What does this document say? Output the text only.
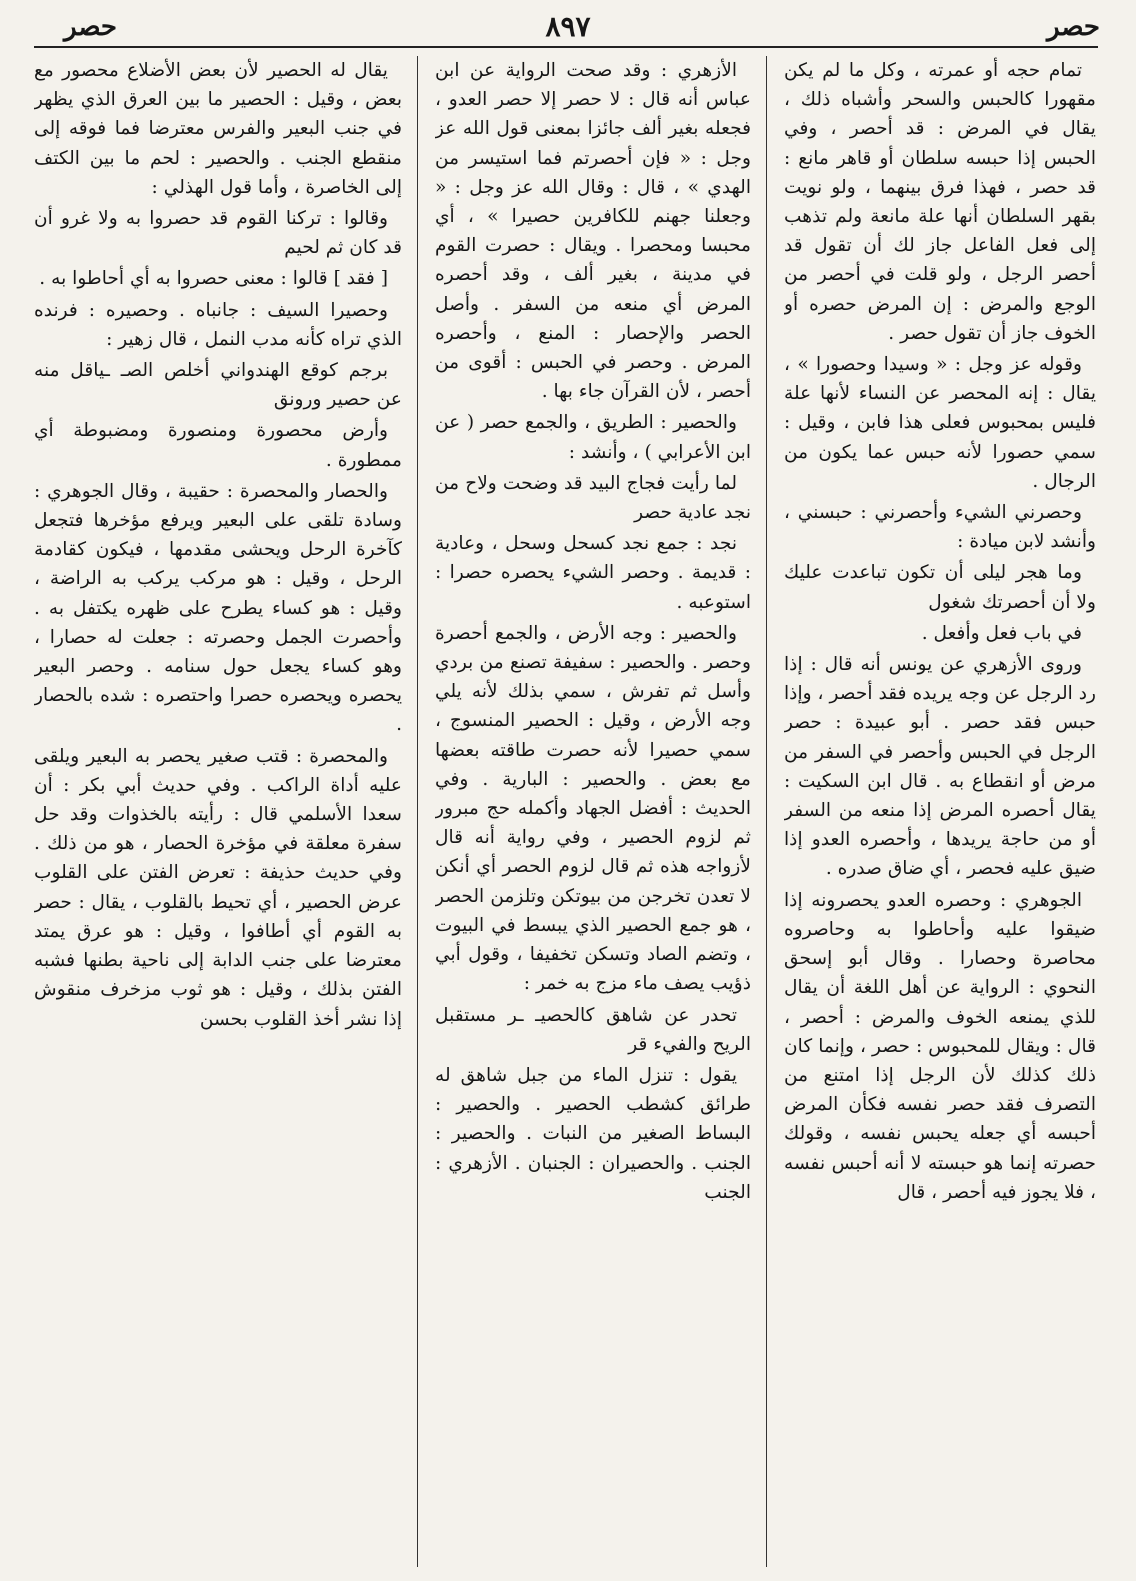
حصر	٨٩٧	حصر

تمام حجه أو عمرته ، وكل ما لم يكن مقهورا كالحبس والسحر وأشباه ذلك ، يقال في المرض : قد أحصر ، وفي الحبس إذا حبسه سلطان أو قاهر مانع : قد حصر ، فهذا فرق بينهما ، ولو نويت بقهر السلطان أنها علة مانعة ولم تذهب إلى فعل الفاعل جاز لك أن تقول قد أحصر الرجل ، ولو قلت في أحصر من الوجع والمرض : إن المرض حصره أو الخوف جاز أن تقول حصر .

وقوله عز وجل : « وسيدا وحصورا » ، يقال : إنه المحصر عن النساء لأنها علة فليس بمحبوس فعلى هذا فابن ، وقيل : سمي حصورا لأنه حبس عما يكون من الرجال .

وحصرني الشيء وأحصرني : حبسني ، وأنشد لابن ميادة :

وما هجر ليلى أن تكون تباعدت عليك ولا أن أحصرتك شغول

في باب فعل وأفعل .

وروى الأزهري عن يونس أنه قال : إذا رد الرجل عن وجه يريده فقد أحصر ، وإذا حبس فقد حصر . أبو عبيدة : حصر الرجل في الحبس وأحصر في السفر من مرض أو انقطاع به . قال ابن السكيت : يقال أحصره المرض إذا منعه من السفر أو من حاجة يريدها ، وأحصره العدو إذا ضيق عليه فحصر ، أي ضاق صدره .

الجوهري : وحصره العدو يحصرونه إذا ضيقوا عليه وأحاطوا به وحاصروه محاصرة وحصارا . وقال أبو إسحق النحوي : الرواية عن أهل اللغة أن يقال للذي يمنعه الخوف والمرض : أحصر ، قال : ويقال للمحبوس : حصر ، وإنما كان ذلك كذلك لأن الرجل إذا امتنع من التصرف فقد حصر نفسه فكأن المرض أحبسه أي جعله يحبس نفسه ، وقولك حصرته إنما هو حبسته لا أنه أحبس نفسه ، فلا يجوز فيه أحصر ، قال

الأزهري : وقد صحت الرواية عن ابن عباس أنه قال : لا حصر إلا حصر العدو ، فجعله بغير ألف جائزا بمعنى قول الله عز وجل : « فإن أحصرتم فما استيسر من الهدي » ، قال : وقال الله عز وجل : « وجعلنا جهنم للكافرين حصيرا » ، أي محبسا ومحصرا . ويقال : حصرت القوم في مدينة ، بغير ألف ، وقد أحصره المرض أي منعه من السفر . وأصل الحصر والإحصار : المنع ، وأحصره المرض . وحصر في الحبس : أقوى من أحصر ، لأن القرآن جاء بها .

والحصير : الطريق ، والجمع حصر ( عن ابن الأعرابي ) ، وأنشد :

لما رأيت فجاج البيد قد وضحت ولاح من نجد عادية حصر

نجد : جمع نجد كسحل وسحل ، وعادية : قديمة . وحصر الشيء يحصره حصرا : استوعبه .

والحصير : وجه الأرض ، والجمع أحصرة وحصر . والحصير : سفيفة تصنع من بردي وأسل ثم تفرش ، سمي بذلك لأنه يلي وجه الأرض ، وقيل : الحصير المنسوج ، سمي حصيرا لأنه حصرت طاقته بعضها مع بعض . والحصير : البارية . وفي الحديث : أفضل الجهاد وأكمله حج مبرور ثم لزوم الحصير ، وفي رواية أنه قال لأزواجه هذه ثم قال لزوم الحصر أي أنكن لا تعدن تخرجن من بيوتكن وتلزمن الحصر ، هو جمع الحصير الذي يبسط في البيوت ، وتضم الصاد وتسكن تخفيفا ، وقول أبي ذؤيب يصف ماء مزج به خمر :

تحدر عن شاهق كالحصيـ ـر مستقبل الريح والفيء قر

يقول : تنزل الماء من جبل شاهق له طرائق كشطب الحصير . والحصير : البساط الصغير من النبات . والحصير : الجنب . والحصيران : الجنبان . الأزهري : الجنب

يقال له الحصير لأن بعض الأضلاع محصور مع بعض ، وقيل : الحصير ما بين العرق الذي يظهر في جنب البعير والفرس معترضا فما فوقه إلى منقطع الجنب . والحصير : لحم ما بين الكتف إلى الخاصرة ، وأما قول الهذلي :

وقالوا : تركنا القوم قد حصروا به ولا غرو أن قد كان ثم لحيم

[ فقد ] قالوا : معنى حصروا به أي أحاطوا به .

وحصيرا السيف : جانباه . وحصيره : فرنده الذي تراه كأنه مدب النمل ، قال زهير :

برجم كوقع الهندواني أخلص الصـ ـياقل منه عن حصير ورونق

وأرض محصورة ومنصورة ومضبوطة أي ممطورة .

والحصار والمحصرة : حقيبة ، وقال الجوهري : وسادة تلقى على البعير ويرفع مؤخرها فتجعل كآخرة الرحل ويحشى مقدمها ، فيكون كقادمة الرحل ، وقيل : هو مركب يركب به الراضة ، وقيل : هو كساء يطرح على ظهره يكتفل به . وأحصرت الجمل وحصرته : جعلت له حصارا ، وهو كساء يجعل حول سنامه . وحصر البعير يحصره ويحصره حصرا واحتصره : شده بالحصار .

والمحصرة : قتب صغير يحصر به البعير ويلقى عليه أداة الراكب . وفي حديث أبي بكر : أن سعدا الأسلمي قال : رأيته بالخذوات وقد حل سفرة معلقة في مؤخرة الحصار ، هو من ذلك . وفي حديث حذيفة : تعرض الفتن على القلوب عرض الحصير ، أي تحيط بالقلوب ، يقال : حصر به القوم أي أطافوا ، وقيل : هو عرق يمتد معترضا على جنب الدابة إلى ناحية بطنها فشبه الفتن بذلك ، وقيل : هو ثوب مزخرف منقوش إذا نشر أخذ القلوب بحسن
